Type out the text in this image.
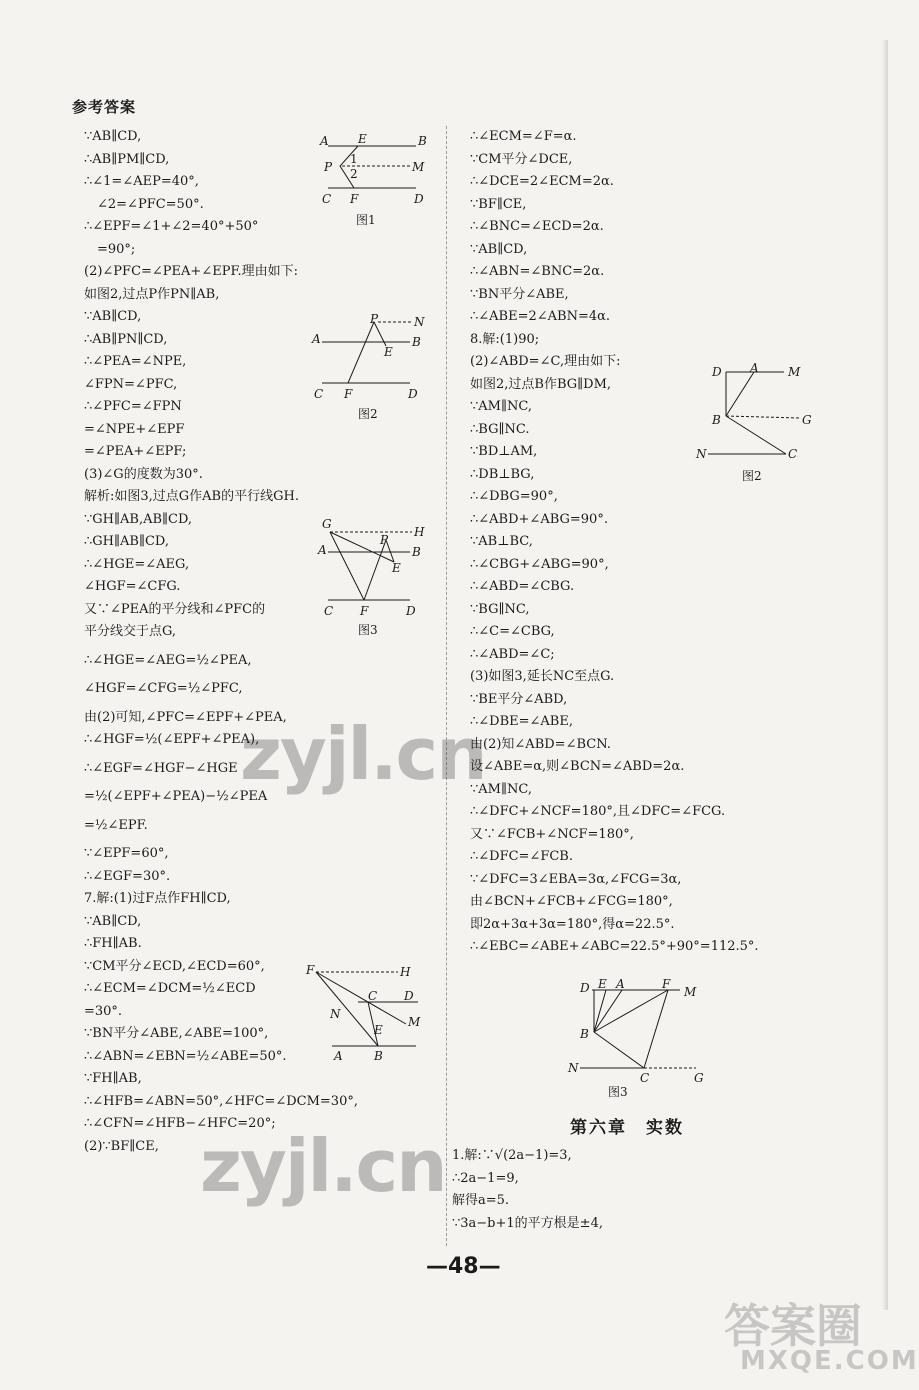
参考答案
∵AB∥CD,
∴AB∥PM∥CD,
∴∠1=∠AEP=40°,
　∠2=∠PFC=50°.
∴∠EPF=∠1+∠2=40°+50°
　=90°;
(2)∠PFC=∠PEA+∠EPF.理由如下:
如图2,过点P作PN∥AB,
∵AB∥CD,
∴AB∥PN∥CD,
∴∠PEA=∠NPE,
∠FPN=∠PFC,
∴∠PFC=∠FPN
=∠NPE+∠EPF
=∠PEA+∠EPF;
(3)∠G的度数为30°.
解析:如图3,过点G作AB的平行线GH.
∵GH∥AB,AB∥CD,
∴GH∥AB∥CD,
∴∠HGE=∠AEG,
∠HGF=∠CFG.
又∵∠PEA的平分线和∠PFC的
平分线交于点G,
∴∠HGE=∠AEG=½∠PEA,
∠HGF=∠CFG=½∠PFC,
由(2)可知,∠PFC=∠EPF+∠PEA,
∴∠HGF=½(∠EPF+∠PEA),
∴∠EGF=∠HGF−∠HGE
=½(∠EPF+∠PEA)−½∠PEA
=½∠EPF.
∵∠EPF=60°,
∴∠EGF=30°.
7.解:(1)过F点作FH∥CD,
∵AB∥CD,
∴FH∥AB.
∵CM平分∠ECD,∠ECD=60°,
∴∠ECM=∠DCM=½∠ECD
=30°.
∵BN平分∠ABE,∠ABE=100°,
∴∠ABN=∠EBN=½∠ABE=50°.
∵FH∥AB,
∴∠HFB=∠ABN=50°,∠HFC=∠DCM=30°,
∴∠CFN=∠HFB−∠HFC=20°;
(2)∵BF∥CE,
∴∠ECM=∠F=α.
∵CM平分∠DCE,
∴∠DCE=2∠ECM=2α.
∵BF∥CE,
∴∠BNC=∠ECD=2α.
∵AB∥CD,
∴∠ABN=∠BNC=2α.
∵BN平分∠ABE,
∴∠ABE=2∠ABN=4α.
8.解:(1)90;
(2)∠ABD=∠C,理由如下:
如图2,过点B作BG∥DM,
∵AM∥NC,
∴BG∥NC.
∵BD⊥AM,
∴DB⊥BG,
∴∠DBG=90°,
∴∠ABD+∠ABG=90°.
∵AB⊥BC,
∴∠CBG+∠ABG=90°,
∴∠ABD=∠CBG.
∵BG∥NC,
∴∠C=∠CBG,
∴∠ABD=∠C;
(3)如图3,延长NC至点G.
∵BE平分∠ABD,
∴∠DBE=∠ABE,
由(2)知∠ABD=∠BCN.
设∠ABE=α,则∠BCN=∠ABD=2α.
∵AM∥NC,
∴∠DFC+∠NCF=180°,且∠DFC=∠FCG.
又∵∠FCB+∠NCF=180°,
∴∠DFC=∠FCB.
∵∠DFC=3∠EBA=3α,∠FCG=3α,
由∠BCN+∠FCB+∠FCG=180°,
即2α+3α+3α=180°,得α=22.5°.
∴∠EBC=∠ABE+∠ABC=22.5°+90°=112.5°.
A E	B
P	M
1
2
C F	D
图1
P	N
A	B
E
C F	D
图2
G
H
A	B
P
E
C F	D
图3
F	H
C D
M
N
E
A	B
D A M
B	G
N	C
图2
D E A	F
M
B
N
C	G
图3
第六章　实数
1.解:∵√(2a−1)=3,
∴2a−1=9,
解得a=5.
∵3a−b+1的平方根是±4,
—48—
zyjl.cn
zyjl.cn
答案圈
MXQE.COM
